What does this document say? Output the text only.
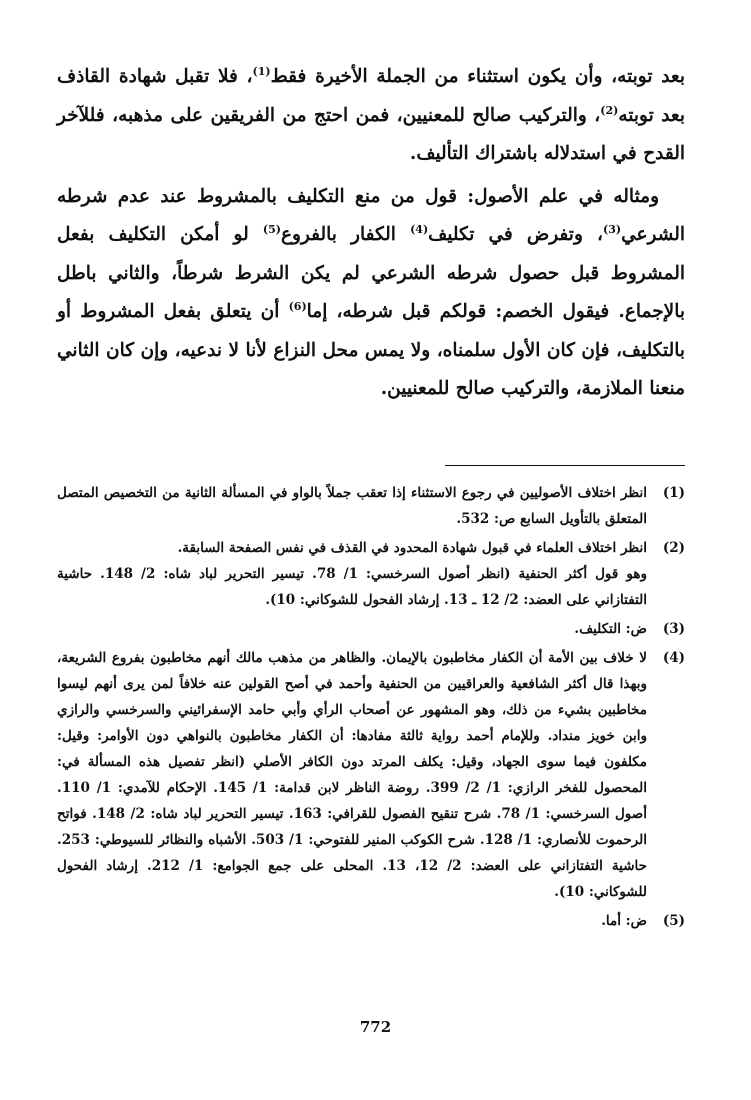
بعد توبته، وأن يكون استثناء من الجملة الأخيرة فقط$^{(1)}$، فلا تقبل شهادة القاذف بعد توبته$^{(2)}$، والتركيب صالح للمعنيين، فمن احتج من الفريقين على مذهبه، فللآخر القدح في استدلاله باشتراك التأليف.

ومثاله في علم الأصول: قول من منع التكليف بالمشروط عند عدم شرطه الشرعي$^{(3)}$، وتفرض في تكليف$^{(4)}$ الكفار بالفروع$^{(5)}$ لو أمكن التكليف بفعل المشروط قبل حصول شرطه الشرعي لم يكن الشرط شرطاً، والثاني باطل بالإجماع. فيقول الخصم: قولكم قبل شرطه، إما$^{(6)}$ أن يتعلق بفعل المشروط أو بالتكليف، فإن كان الأول سلمناه، ولا يمس محل النزاع لأنا لا ندعيه، وإن كان الثاني منعنا الملازمة، والتركيب صالح للمعنيين.

(1)

انظر اختلاف الأصوليين في رجوع الاستثناء إذا تعقب جملاً بالواو في المسألة الثانية من التخصيص المتصل المتعلق بالتأويل السابع ص: 532.

(2)

انظر اختلاف العلماء في قبول شهادة المحدود في القذف في نفس الصفحة السابقة.

وهو قول أكثر الحنفية (انظر أصول السرخسي: 1/ 78. تيسير التحرير لباد شاه: 2/ 148. حاشية التفتازاني على العضد: 2/ 12 ـ 13. إرشاد الفحول للشوكاني: 10).

(3)

ض: التكليف.

(4)

لا خلاف بين الأمة أن الكفار مخاطبون بالإيمان. والظاهر من مذهب مالك أنهم مخاطبون بفروع الشريعة، وبهذا قال أكثر الشافعية والعراقيين من الحنفية وأحمد في أصح القولين عنه خلافاً لمن يرى أنهم ليسوا مخاطبين بشيء من ذلك، وهو المشهور عن أصحاب الرأي وأبي حامد الإسفرائيني والسرخسي والرازي وابن خويز منداد. وللإمام أحمد رواية ثالثة مفادها: أن الكفار مخاطبون بالنواهي دون الأوامر: وقيل: مكلفون فيما سوى الجهاد، وقيل: يكلف المرتد دون الكافر الأصلي (انظر تفصيل هذه المسألة في: المحصول للفخر الرازي: 1/ 2/ 399. روضة الناظر لابن قدامة: 1/ 145. الإحكام للآمدي: 1/ 110. أصول السرخسي: 1/ 78. شرح تنقيح الفصول للقرافي: 163. تيسير التحرير لباد شاه: 2/ 148. فواتح الرحموت للأنصاري: 1/ 128. شرح الكوكب المنير للفتوحي: 1/ 503. الأشباه والنظائر للسيوطي: 253. حاشية التفتازاني على العضد: 2/ 12، 13. المحلى على جمع الجوامع: 1/ 212. إرشاد الفحول للشوكاني: 10).

(5)

ض: أما.

772
